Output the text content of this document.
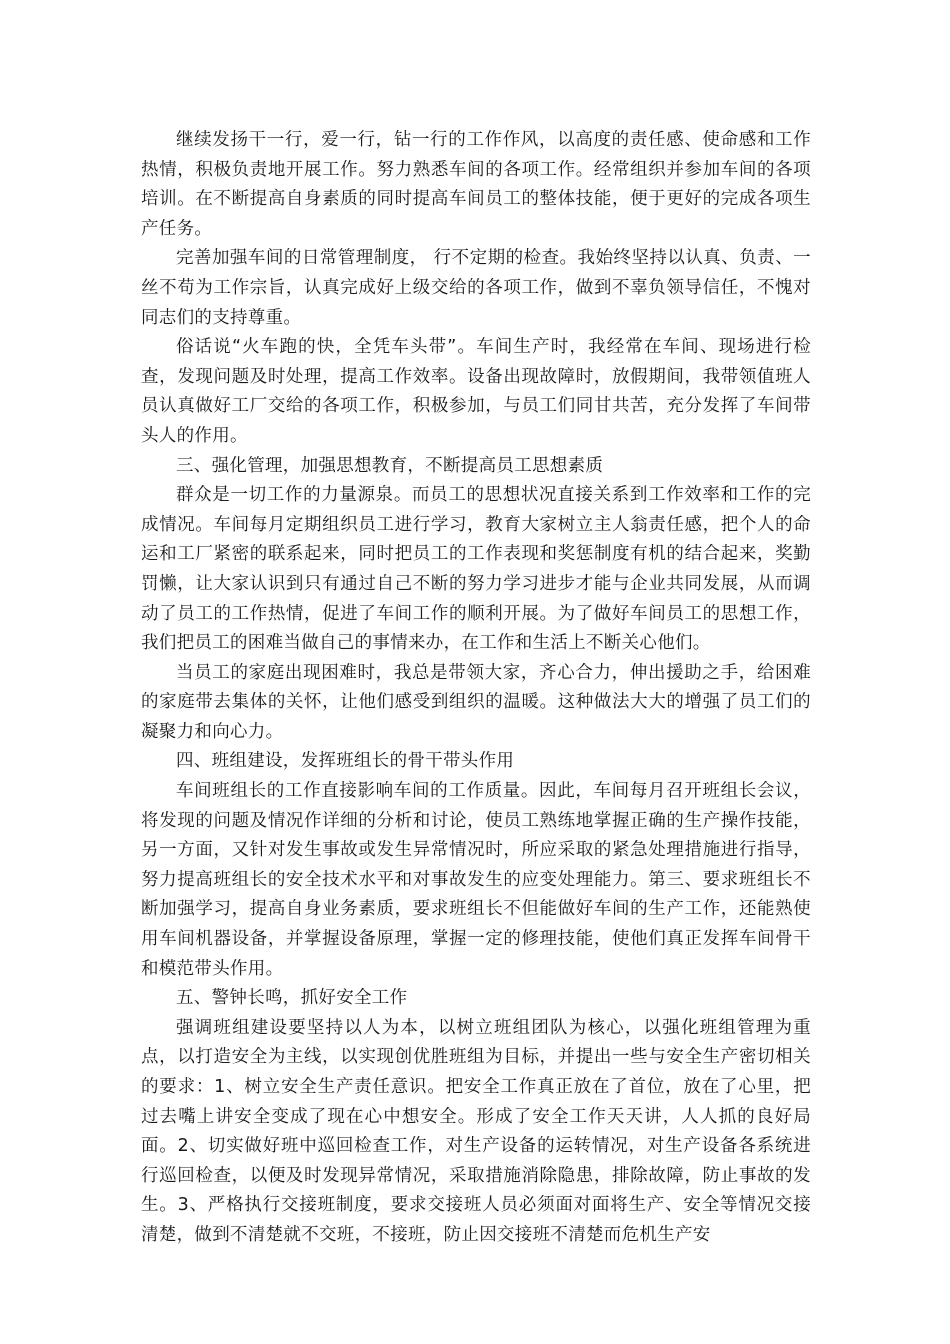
继续发扬干一行，爱一行，钻一行的工作作风，以高度的责任感、使命感和工作热情，积极负责地开展工作。努力熟悉车间的各项工作。经常组织并参加车间的各项培训。在不断提高自身素质的同时提高车间员工的整体技能，便于更好的完成各项生产任务。

完善加强车间的日常管理制度， 行不定期的检查。我始终坚持以认真、负责、一丝不苟为工作宗旨，认真完成好上级交给的各项工作，做到不辜负领导信任，不愧对同志们的支持尊重。

俗话说“火车跑的快，全凭车头带”。车间生产时，我经常在车间、现场进行检查，发现问题及时处理，提高工作效率。设备出现故障时，放假期间，我带领值班人员认真做好工厂交给的各项工作，积极参加，与员工们同甘共苦，充分发挥了车间带头人的作用。

三、强化管理，加强思想教育，不断提高员工思想素质

群众是一切工作的力量源泉。而员工的思想状况直接关系到工作效率和工作的完成情况。车间每月定期组织员工进行学习，教育大家树立主人翁责任感，把个人的命运和工厂紧密的联系起来，同时把员工的工作表现和奖惩制度有机的结合起来，奖勤罚懒，让大家认识到只有通过自己不断的努力学习进步才能与企业共同发展，从而调动了员工的工作热情，促进了车间工作的顺利开展。为了做好车间员工的思想工作，我们把员工的困难当做自己的事情来办，在工作和生活上不断关心他们。

当员工的家庭出现困难时，我总是带领大家，齐心合力，伸出援助之手，给困难的家庭带去集体的关怀，让他们感受到组织的温暖。这种做法大大的增强了员工们的凝聚力和向心力。

四、班组建设，发挥班组长的骨干带头作用

车间班组长的工作直接影响车间的工作质量。因此，车间每月召开班组长会议，将发现的问题及情况作详细的分析和讨论，使员工熟练地掌握正确的生产操作技能，另一方面，又针对发生事故或发生异常情况时，所应采取的紧急处理措施进行指导，努力提高班组长的安全技术水平和对事故发生的应变处理能力。第三、要求班组长不断加强学习，提高自身业务素质，要求班组长不但能做好车间的生产工作，还能熟使用车间机器设备，并掌握设备原理，掌握一定的修理技能，使他们真正发挥车间骨干和模范带头作用。

五、警钟长鸣，抓好安全工作

强调班组建设要坚持以人为本，以树立班组团队为核心，以强化班组管理为重点，以打造安全为主线，以实现创优胜班组为目标，并提出一些与安全生产密切相关的要求：1、树立安全生产责任意识。把安全工作真正放在了首位，放在了心里，把过去嘴上讲安全变成了现在心中想安全。形成了安全工作天天讲，人人抓的良好局面。2、切实做好班中巡回检查工作，对生产设备的运转情况，对生产设备各系统进行巡回检查，以便及时发现异常情况，采取措施消除隐患，排除故障，防止事故的发生。3、严格执行交接班制度，要求交接班人员必须面对面将生产、安全等情况交接清楚，做到不清楚就不交班，不接班，防止因交接班不清楚而危机生产安
